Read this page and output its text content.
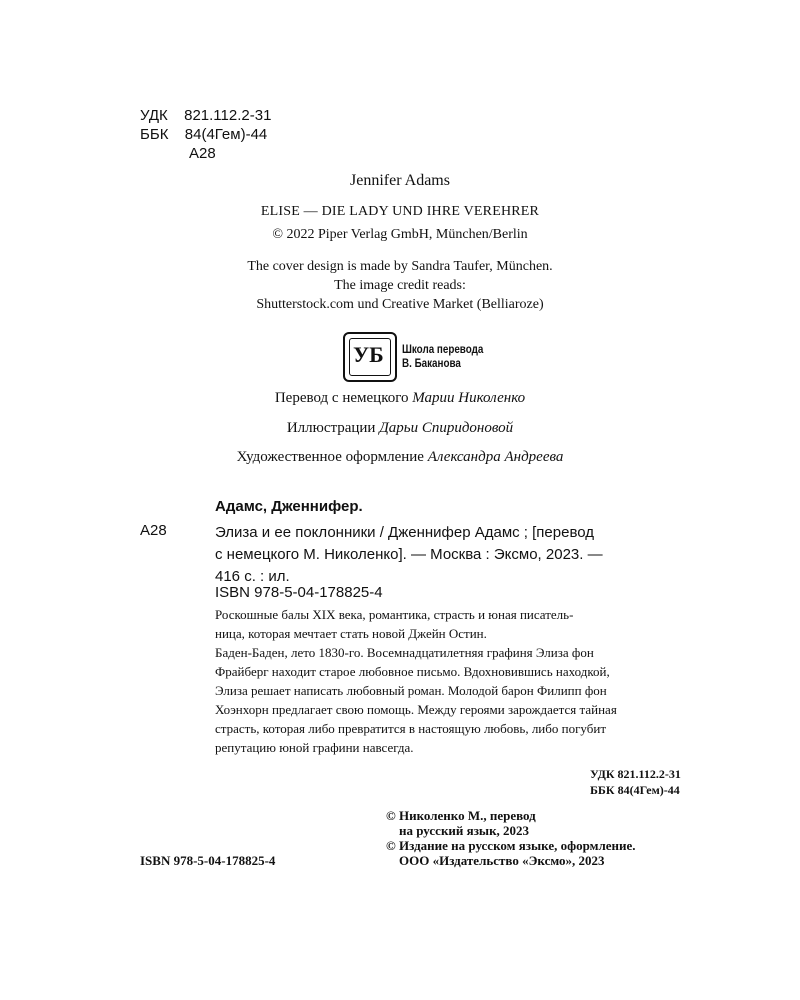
УДК 821.112.2-31
ББК 84(4Гем)-44
А28
Jennifer Adams
ELISE — DIE LADY UND IHRE VEREHRER
© 2022 Piper Verlag GmbH, München/Berlin
The cover design is made by Sandra Taufer, München.
The image credit reads:
Shutterstock.com und Creative Market (Belliaroze)
УБ Школа перевода
В. Баканова
Перевод с немецкого Марии Николенко
Иллюстрации Дарьи Спиридоновой
Художественное оформление Александра Андреева
Адамс, Дженнифер.
А28	Элиза и ее поклонники / Дженнифер Адамс ; [перевод
с немецкого М. Николенко]. — Москва : Эксмо, 2023. —
416 с. : ил.
ISBN 978-5-04-178825-4
Роскошные балы XIX века, романтика, страсть и юная писатель-
ница, которая мечтает стать новой Джейн Остин.
Баден-Баден, лето 1830-го. Восемнадцатилетняя графиня Элиза фон
Фрайберг находит старое любовное письмо. Вдохновившись находкой,
Элиза решает написать любовный роман. Молодой барон Филипп фон
Хоэнхорн предлагает свою помощь. Между героями зарождается тайная
страсть, которая либо превратится в настоящую любовь, либо погубит
репутацию юной графини навсегда.
УДК 821.112.2-31
ББК 84(4Гем)-44
ISBN 978-5-04-178825-4
© Николенко М., перевод
на русский язык, 2023
© Издание на русском языке, оформление.
ООО «Издательство «Эксмо», 2023
